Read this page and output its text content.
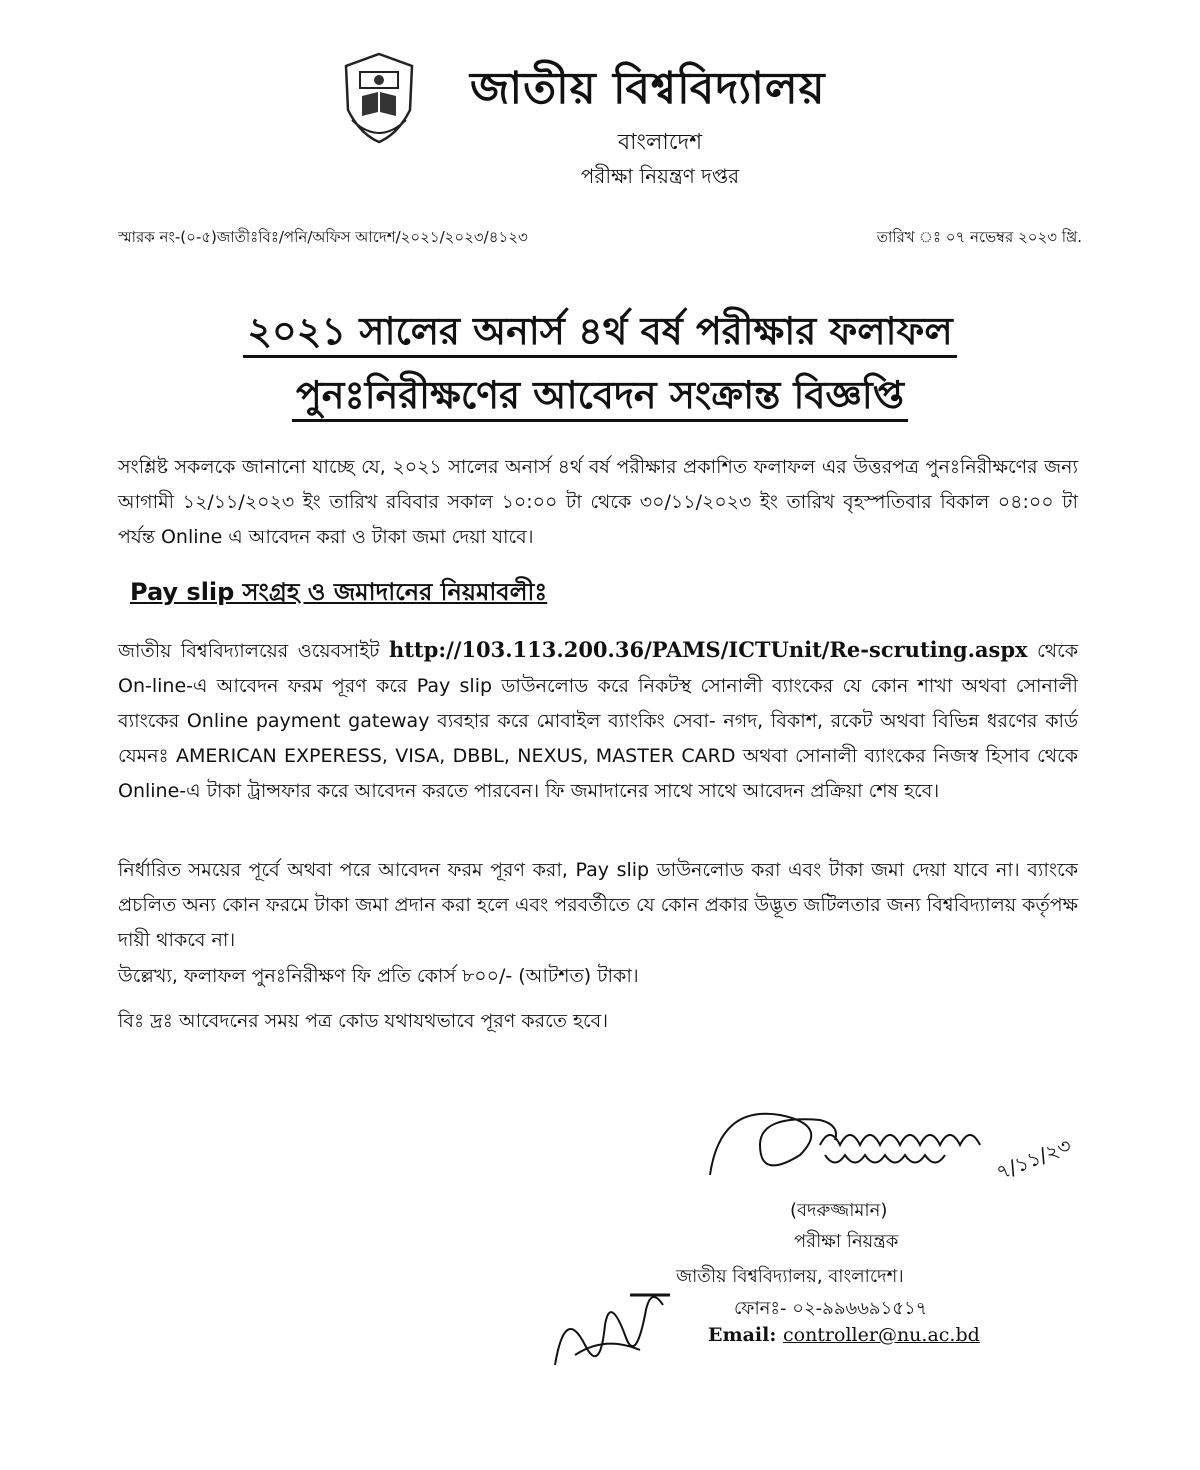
জাতীয় বিশ্ববিদ্যালয়
বাংলাদেশ
পরীক্ষা নিয়ন্ত্রণ দপ্তর
স্মারক নং-(০-৫)জাতীঃবিঃ/পনি/অফিস আদেশ/২০২১/২০২৩/৪১২৩	তারিখ ঃ ০৭ নভেম্বর ২০২৩ খ্রি.
২০২১ সালের অনার্স ৪র্থ বর্ষ পরীক্ষার ফলাফল
পুনঃনিরীক্ষণের আবেদন সংক্রান্ত বিজ্ঞপ্তি
সংশ্লিষ্ট সকলকে জানানো যাচ্ছে যে, ২০২১ সালের অনার্স ৪র্থ বর্ষ পরীক্ষার প্রকাশিত ফলাফল এর উত্তরপত্র পুনঃনিরীক্ষণের জন্য আগামী ১২/১১/২০২৩ ইং তারিখ রবিবার সকাল ১০:০০ টা থেকে ৩০/১১/২০২৩ ইং তারিখ বৃহস্পতিবার বিকাল ০৪:০০ টা পর্যন্ত Online এ আবেদন করা ও টাকা জমা দেয়া যাবে।
Pay slip সংগ্রহ ও জমাদানের নিয়মাবলীঃ
জাতীয় বিশ্ববিদ্যালয়ের ওয়েবসাইট http://103.113.200.36/PAMS/ICTUnit/Re-scruting.aspx থেকে On-line-এ আবেদন ফরম পূরণ করে Pay slip ডাউনলোড করে নিকটস্থ সোনালী ব্যাংকের যে কোন শাখা অথবা সোনালী ব্যাংকের Online payment gateway ব্যবহার করে মোবাইল ব্যাংকিং সেবা- নগদ, বিকাশ, রকেট অথবা বিভিন্ন ধরণের কার্ড যেমনঃ AMERICAN EXPERESS, VISA, DBBL, NEXUS, MASTER CARD অথবা সোনালী ব্যাংকের নিজস্ব হিসাব থেকে Online-এ টাকা ট্রান্সফার করে আবেদন করতে পারবেন। ফি জমাদানের সাথে সাথে আবেদন প্রক্রিয়া শেষ হবে।
নির্ধারিত সময়ের পূর্বে অথবা পরে আবেদন ফরম পূরণ করা, Pay slip ডাউনলোড করা এবং টাকা জমা দেয়া যাবে না। ব্যাংকে প্রচলিত অন্য কোন ফরমে টাকা জমা প্রদান করা হলে এবং পরবর্তীতে যে কোন প্রকার উদ্ভূত জটিলতার জন্য বিশ্ববিদ্যালয় কর্তৃপক্ষ দায়ী থাকবে না।
উল্লেখ্য, ফলাফল পুনঃনিরীক্ষণ ফি প্রতি কোর্স ৮০০/- (আটশত) টাকা।
বিঃ দ্রঃ আবেদনের সময় পত্র কোড যথাযথভাবে পূরণ করতে হবে।
৭/১১/২৩
(বদরুজ্জামান)
পরীক্ষা নিয়ন্ত্রক
জাতীয় বিশ্ববিদ্যালয়, বাংলাদেশ।
ফোনঃ- ০২-৯৯৬৬৯১৫১৭
Email: controller@nu.ac.bd
